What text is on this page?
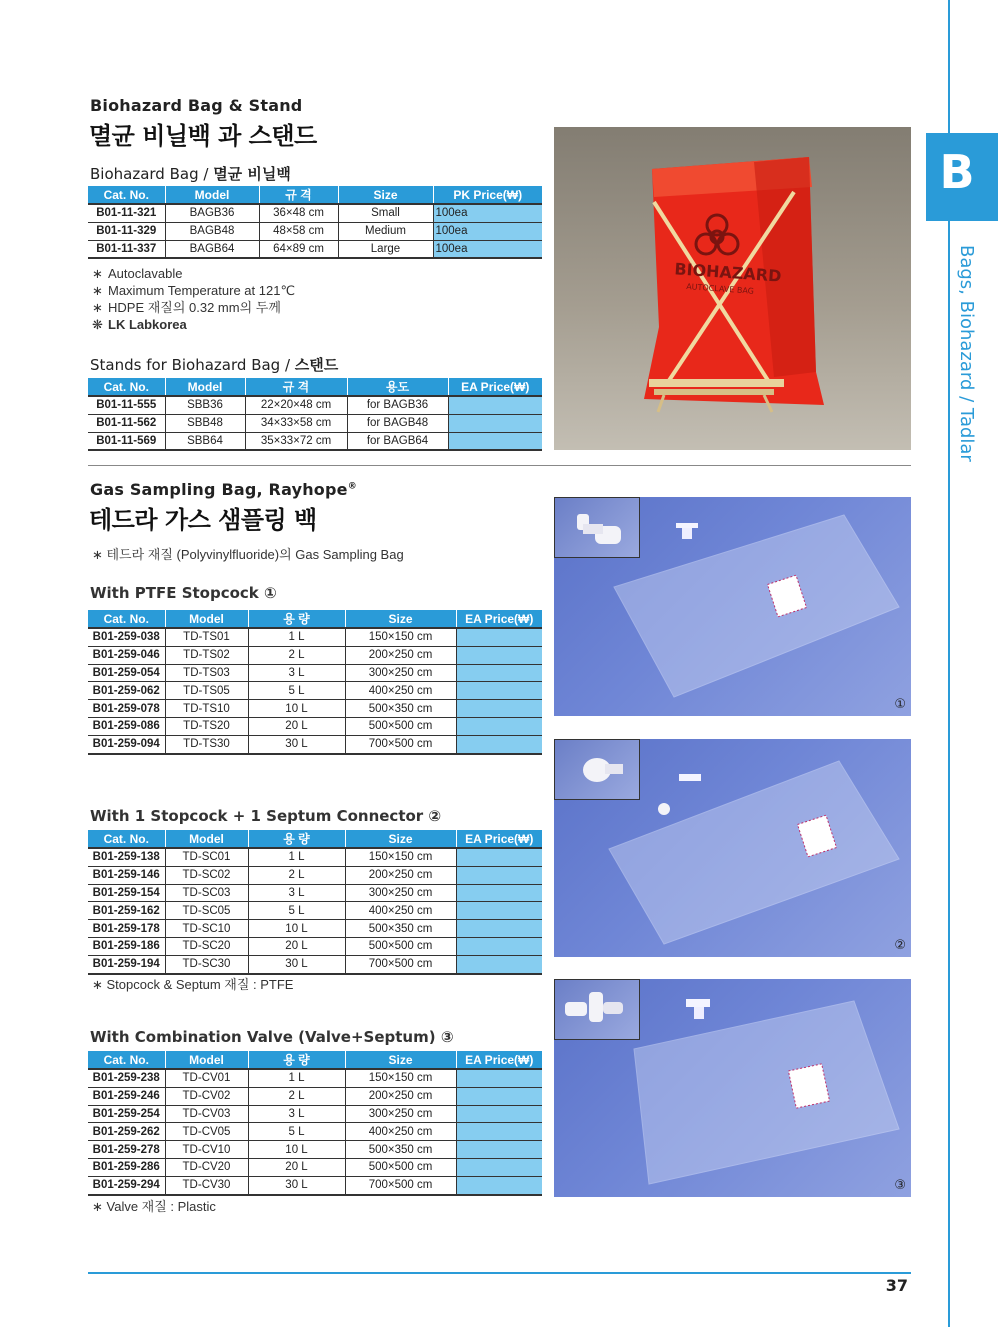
B
Bags, Biohazard / Tadlar
Biohazard Bag & Stand
멸균 비닐백 과 스탠드
Biohazard Bag / 멸균 비닐백
Cat. No.	Model	규 격	Size	PK Price(₩)
B01-11-321	BAGB36	36×48 cm	Small	100ea
B01-11-329	BAGB48	48×58 cm	Medium	100ea
B01-11-337	BAGB64	64×89 cm	Large	100ea
∗ Autoclavable
∗ Maximum Temperature at 121℃
∗ HDPE 재질의 0.32 mm의 두께
❋ LK Labkorea
Stands for Biohazard Bag / 스탠드
Cat. No.	Model	규 격	용도	EA Price(₩)
B01-11-555	SBB36	22×20×48 cm	for BAGB36	
B01-11-562	SBB48	34×33×58 cm	for BAGB48	
B01-11-569	SBB64	35×33×72 cm	for BAGB64	
BIOHAZARD
AUTOCLAVE BAG
Gas Sampling Bag, Rayhope®
테드라 가스 샘플링 백
∗ 테드라 재질 (Polyvinylfluoride)의 Gas Sampling Bag
With PTFE Stopcock ①
Cat. No.	Model	용 량	Size	EA Price(₩)
B01-259-038	TD-TS01	1 L	150×150 cm	
B01-259-046	TD-TS02	2 L	200×250 cm	
B01-259-054	TD-TS03	3 L	300×250 cm	
B01-259-062	TD-TS05	5 L	400×250 cm	
B01-259-078	TD-TS10	10 L	500×350 cm	
B01-259-086	TD-TS20	20 L	500×500 cm	
B01-259-094	TD-TS30	30 L	700×500 cm	
With 1 Stopcock + 1 Septum Connector ②
Cat. No.	Model	용 량	Size	EA Price(₩)
B01-259-138	TD-SC01	1 L	150×150 cm	
B01-259-146	TD-SC02	2 L	200×250 cm	
B01-259-154	TD-SC03	3 L	300×250 cm	
B01-259-162	TD-SC05	5 L	400×250 cm	
B01-259-178	TD-SC10	10 L	500×350 cm	
B01-259-186	TD-SC20	20 L	500×500 cm	
B01-259-194	TD-SC30	30 L	700×500 cm	
∗ Stopcock & Septum 재질 : PTFE
With Combination Valve (Valve+Septum) ③
Cat. No.	Model	용 량	Size	EA Price(₩)
B01-259-238	TD-CV01	1 L	150×150 cm	
B01-259-246	TD-CV02	2 L	200×250 cm	
B01-259-254	TD-CV03	3 L	300×250 cm	
B01-259-262	TD-CV05	5 L	400×250 cm	
B01-259-278	TD-CV10	10 L	500×350 cm	
B01-259-286	TD-CV20	20 L	500×500 cm	
B01-259-294	TD-CV30	30 L	700×500 cm	
∗ Valve 재질 : Plastic
①
②
③
37
